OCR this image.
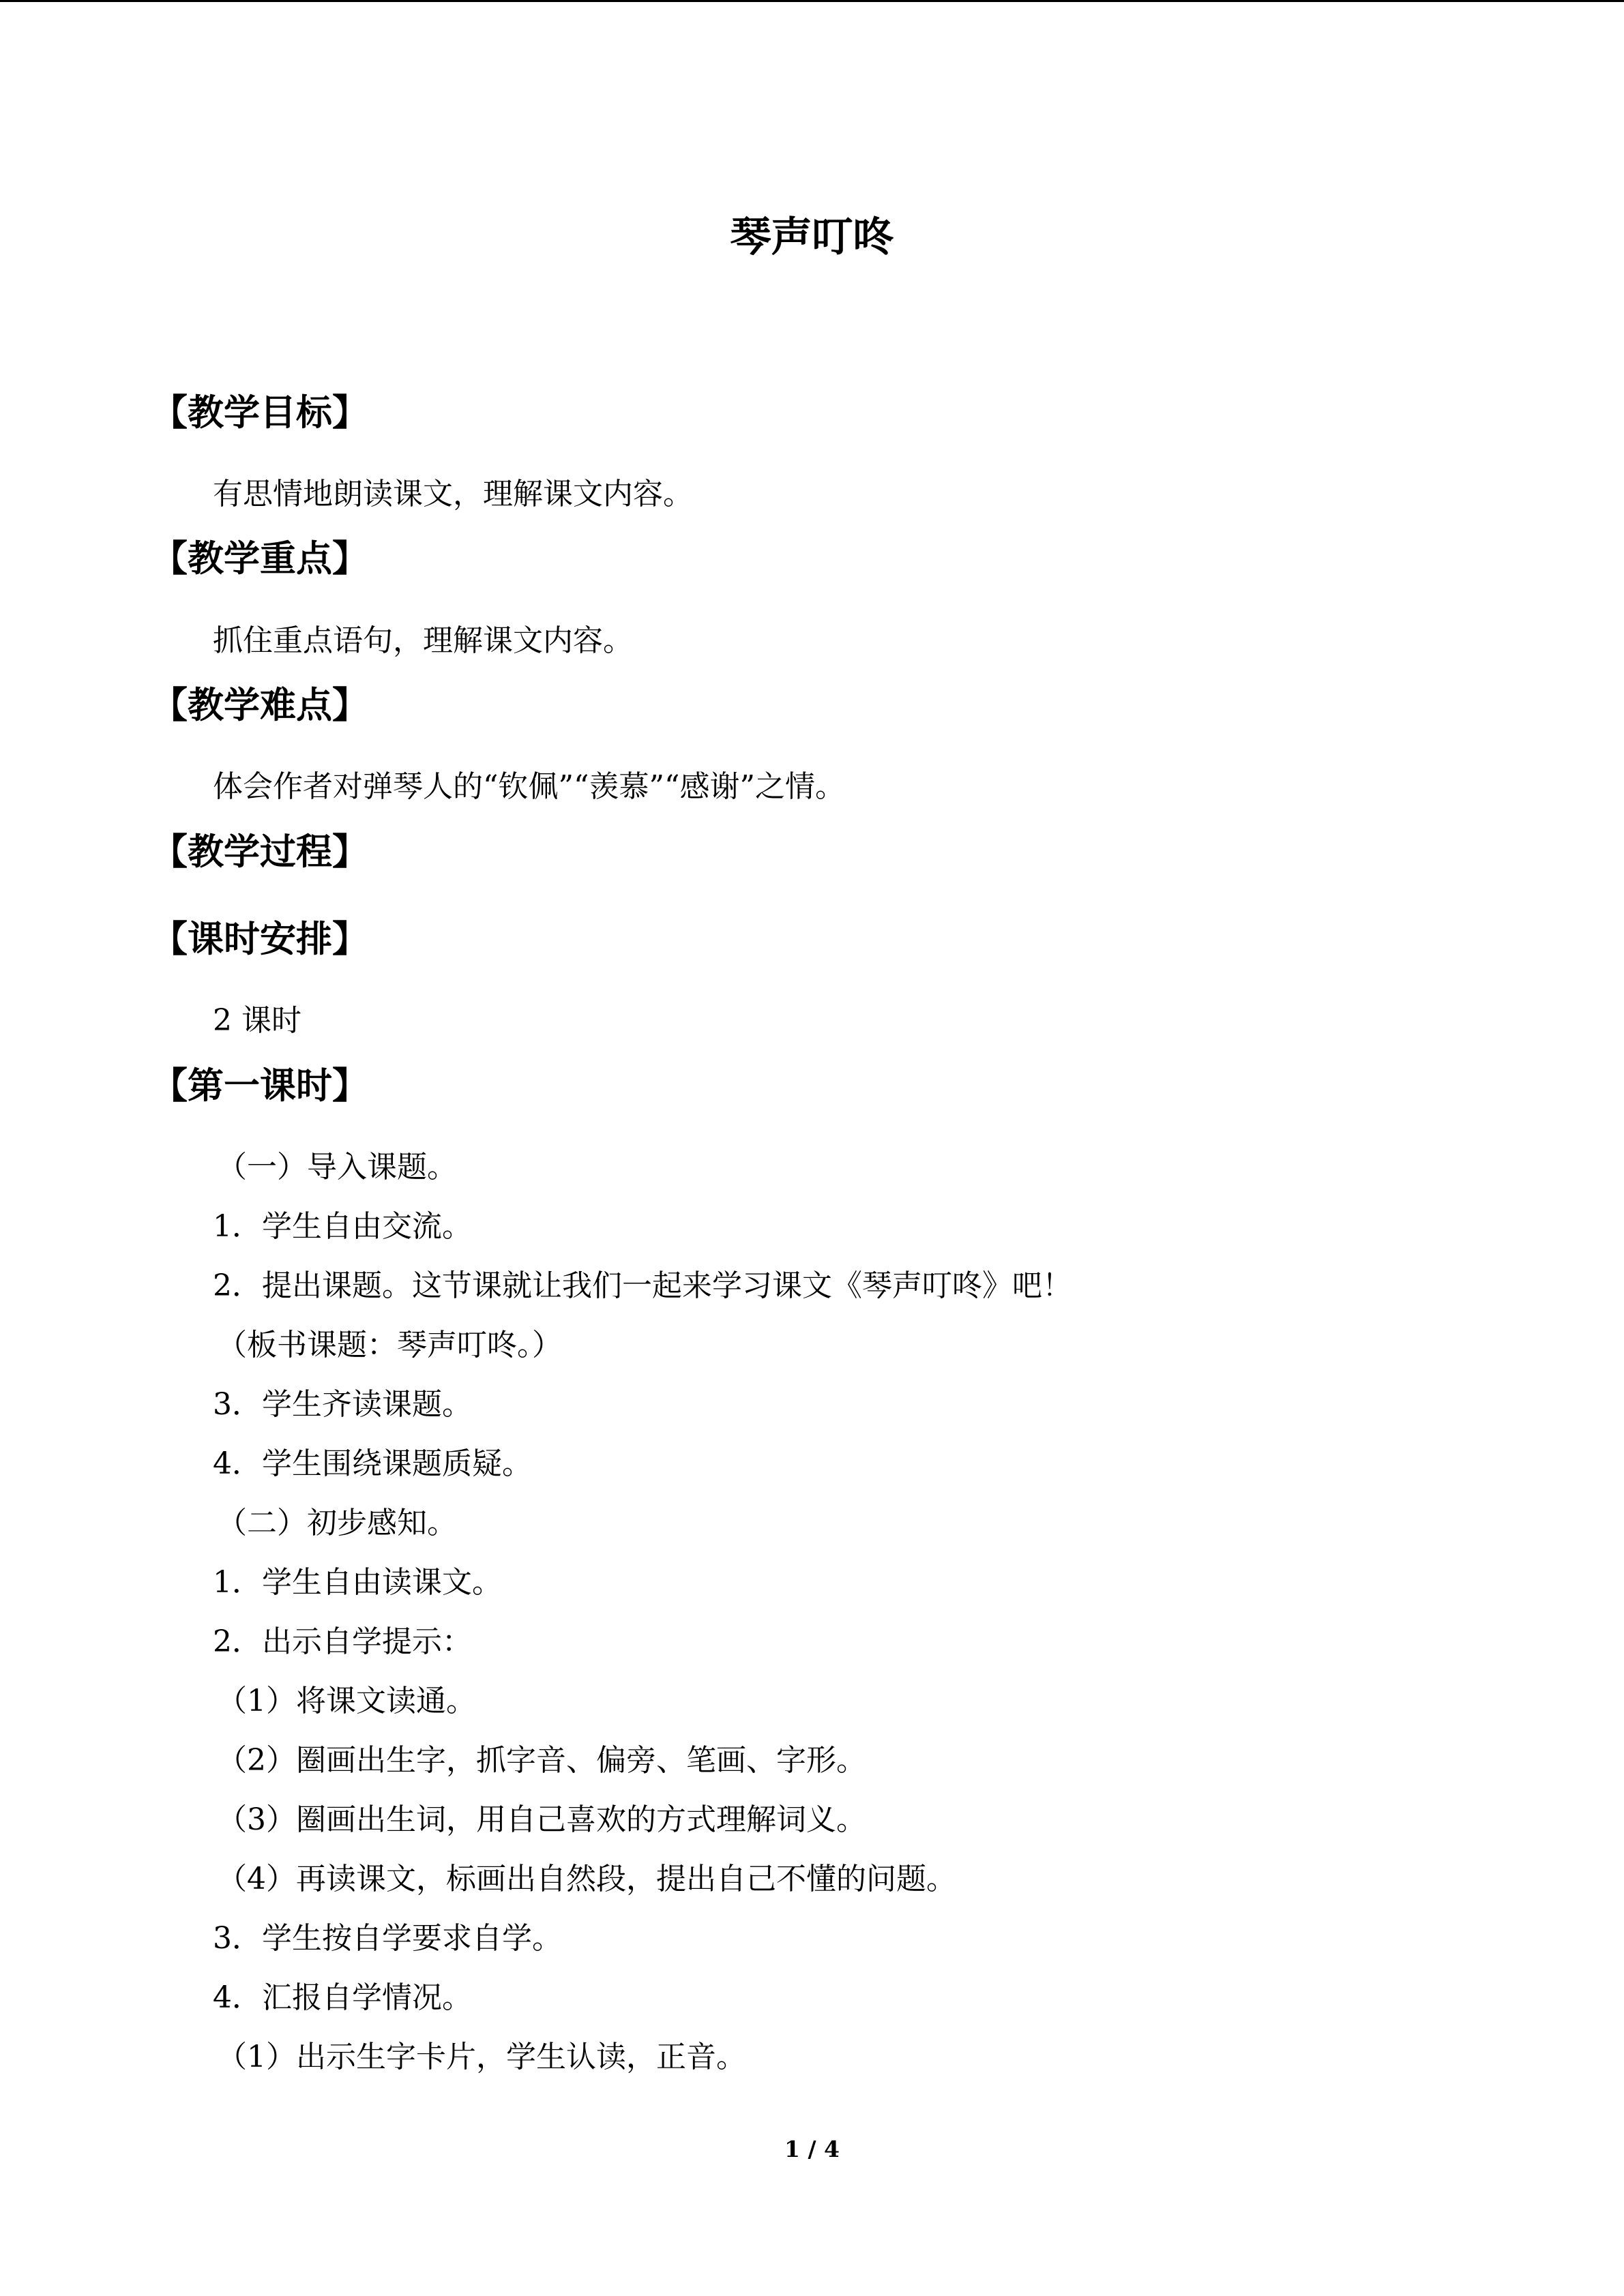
琴声叮咚
【教学目标】
有思情地朗读课文，理解课文内容。
【教学重点】
抓住重点语句，理解课文内容。
【教学难点】
体会作者对弹琴人的“钦佩”“羡慕”“感谢”之情。
【教学过程】
【课时安排】
2 课时
【第一课时】
（一）导入课题。
1．学生自由交流。
2．提出课题。这节课就让我们一起来学习课文《琴声叮咚》吧！
（板书课题：琴声叮咚。）
3．学生齐读课题。
4．学生围绕课题质疑。
（二）初步感知。
1．学生自由读课文。
2．出示自学提示：
（1）将课文读通。
（2）圈画出生字，抓字音、偏旁、笔画、字形。
（3）圈画出生词，用自己喜欢的方式理解词义。
（4）再读课文，标画出自然段，提出自己不懂的问题。
3．学生按自学要求自学。
4．汇报自学情况。
（1）出示生字卡片，学生认读，正音。
1 / 4
